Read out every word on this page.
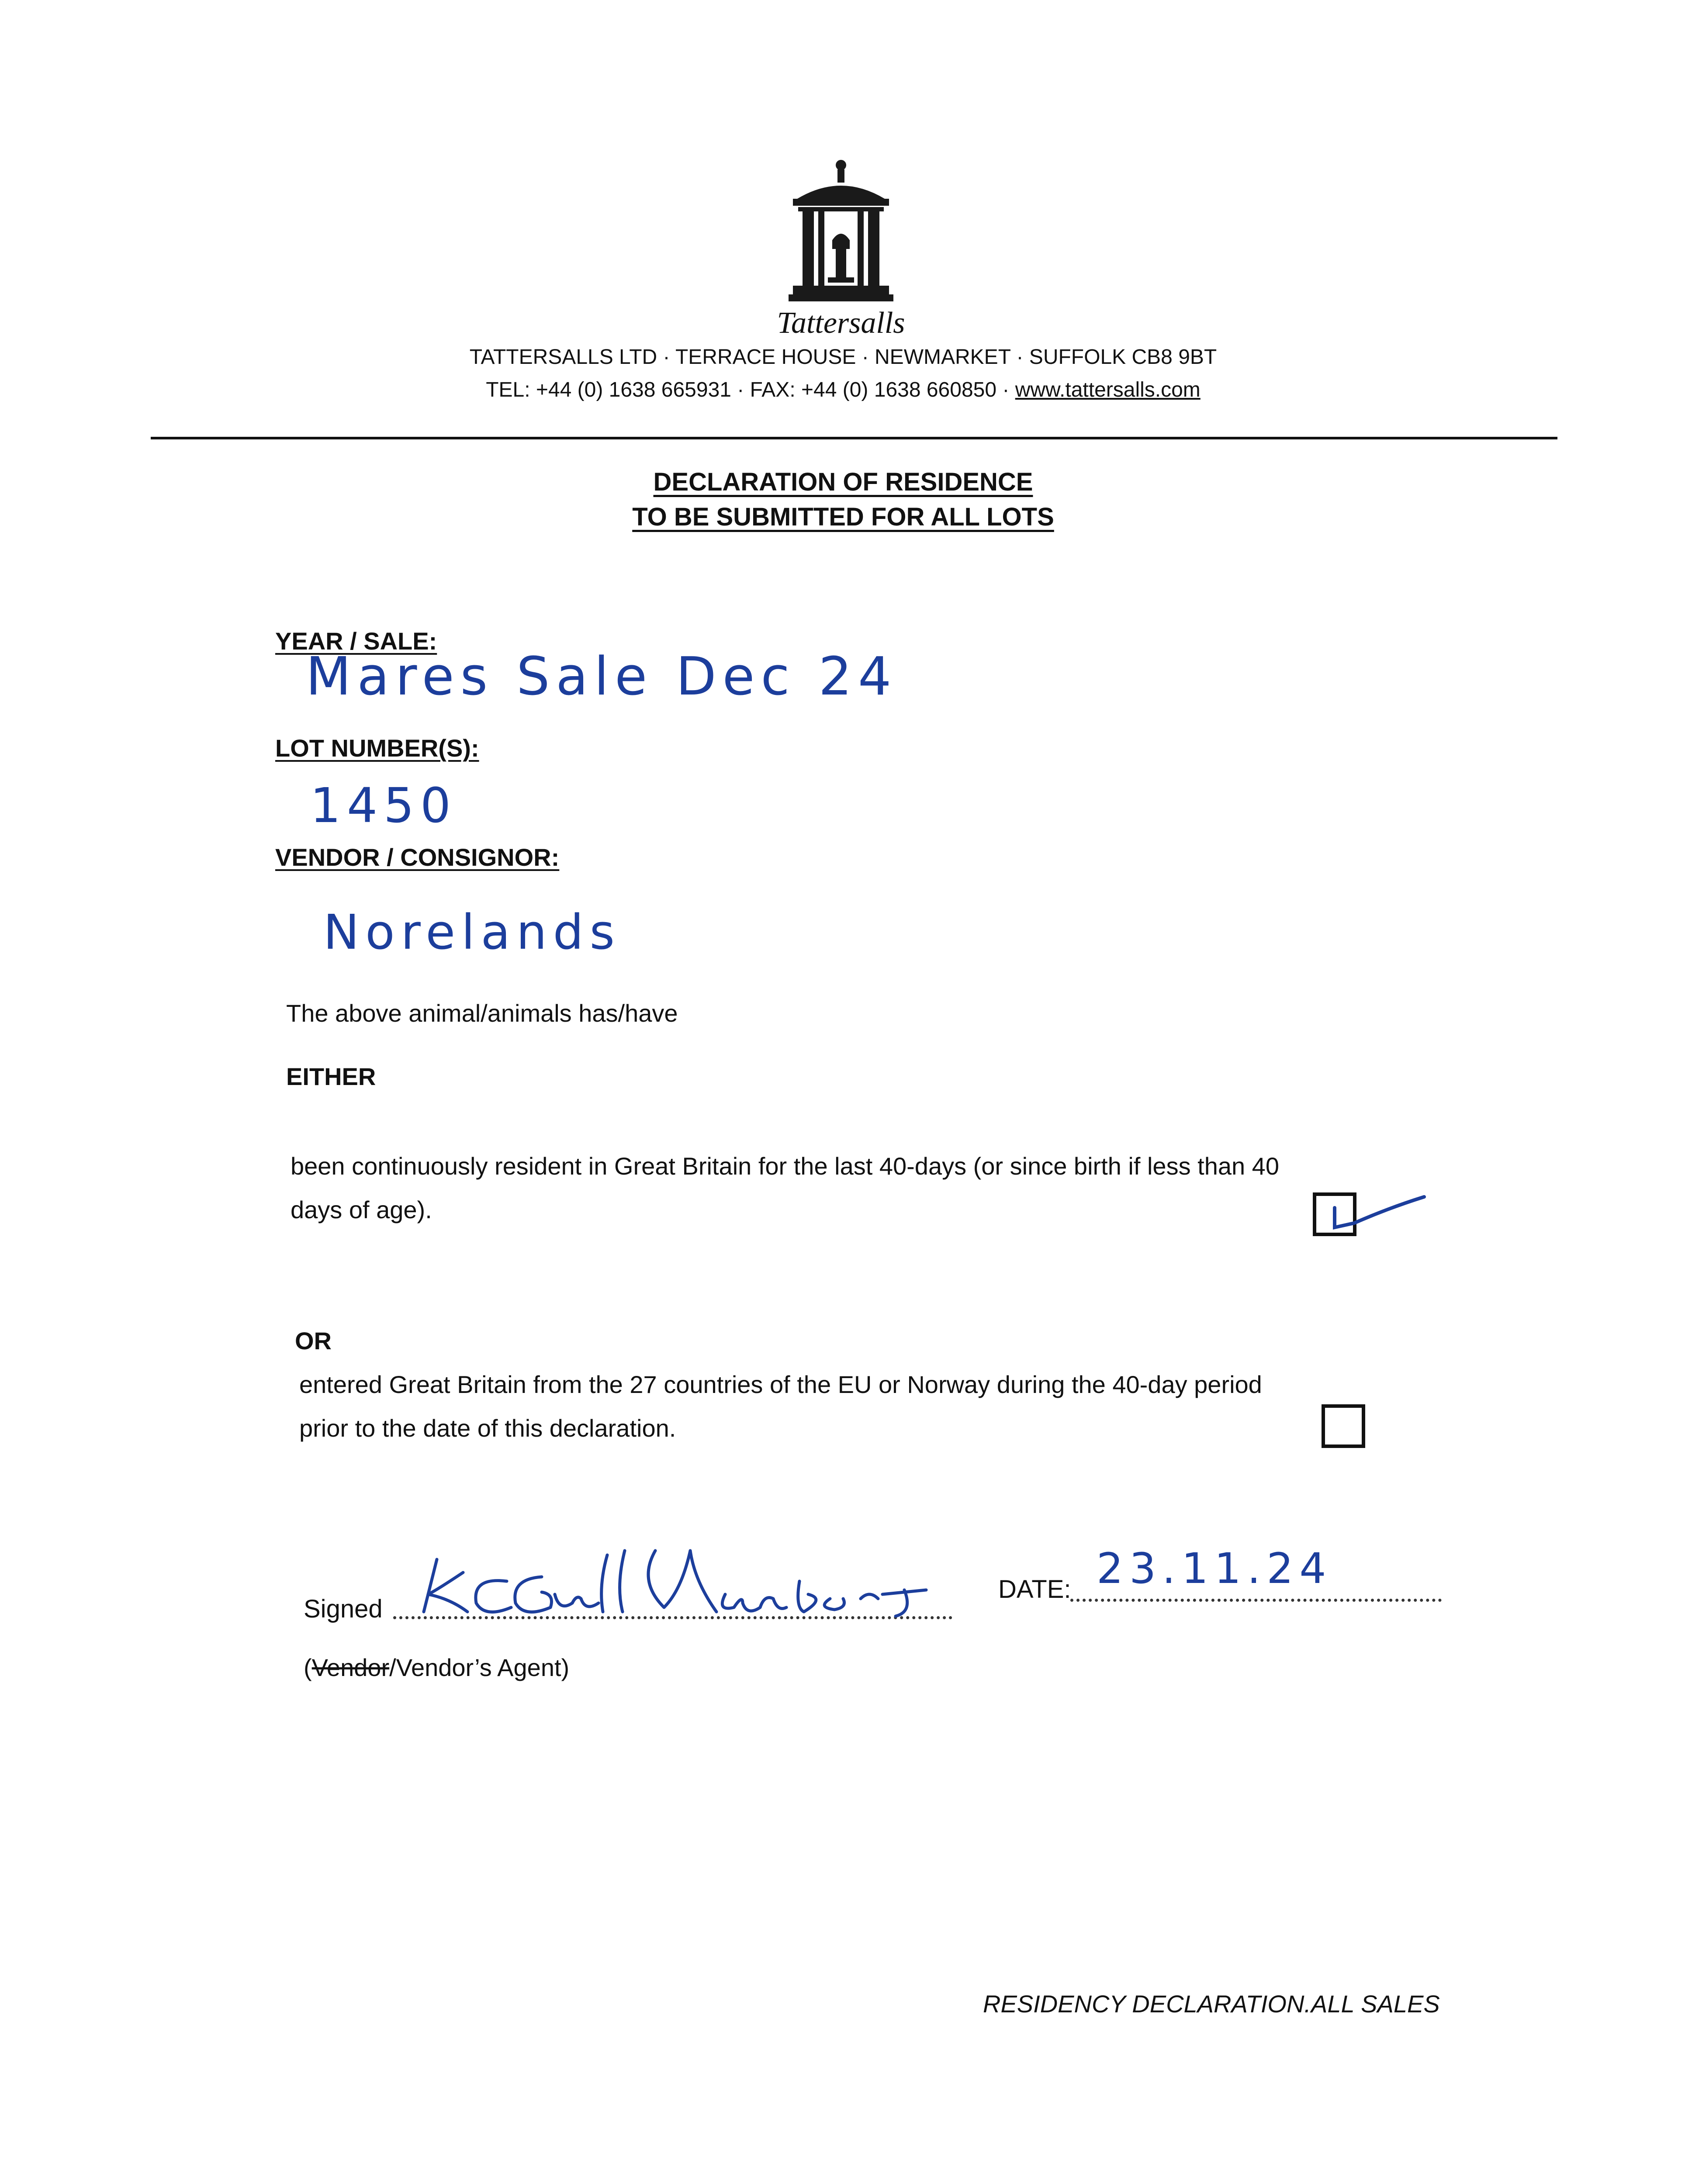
Tattersalls
TATTERSALLS LTD · TERRACE HOUSE · NEWMARKET · SUFFOLK CB8 9BT
TEL: +44 (0) 1638 665931 · FAX: +44 (0) 1638 660850 · www.tattersalls.com
DECLARATION OF RESIDENCE
TO BE SUBMITTED FOR ALL LOTS
YEAR / SALE:
Mares Sale Dec 24
LOT NUMBER(S):
1450
VENDOR / CONSIGNOR:
Norelands
The above animal/animals has/have
EITHER
been continuously resident in Great Britain for the last 40-days (or since birth if less than 40
days of age).
OR
entered Great Britain from the 27 countries of the EU or Norway during the 40-day period
prior to the date of this declaration.
Signed
DATE: 23.11.24
(Vendor/Vendor’s Agent)
RESIDENCY DECLARATION.ALL SALES
